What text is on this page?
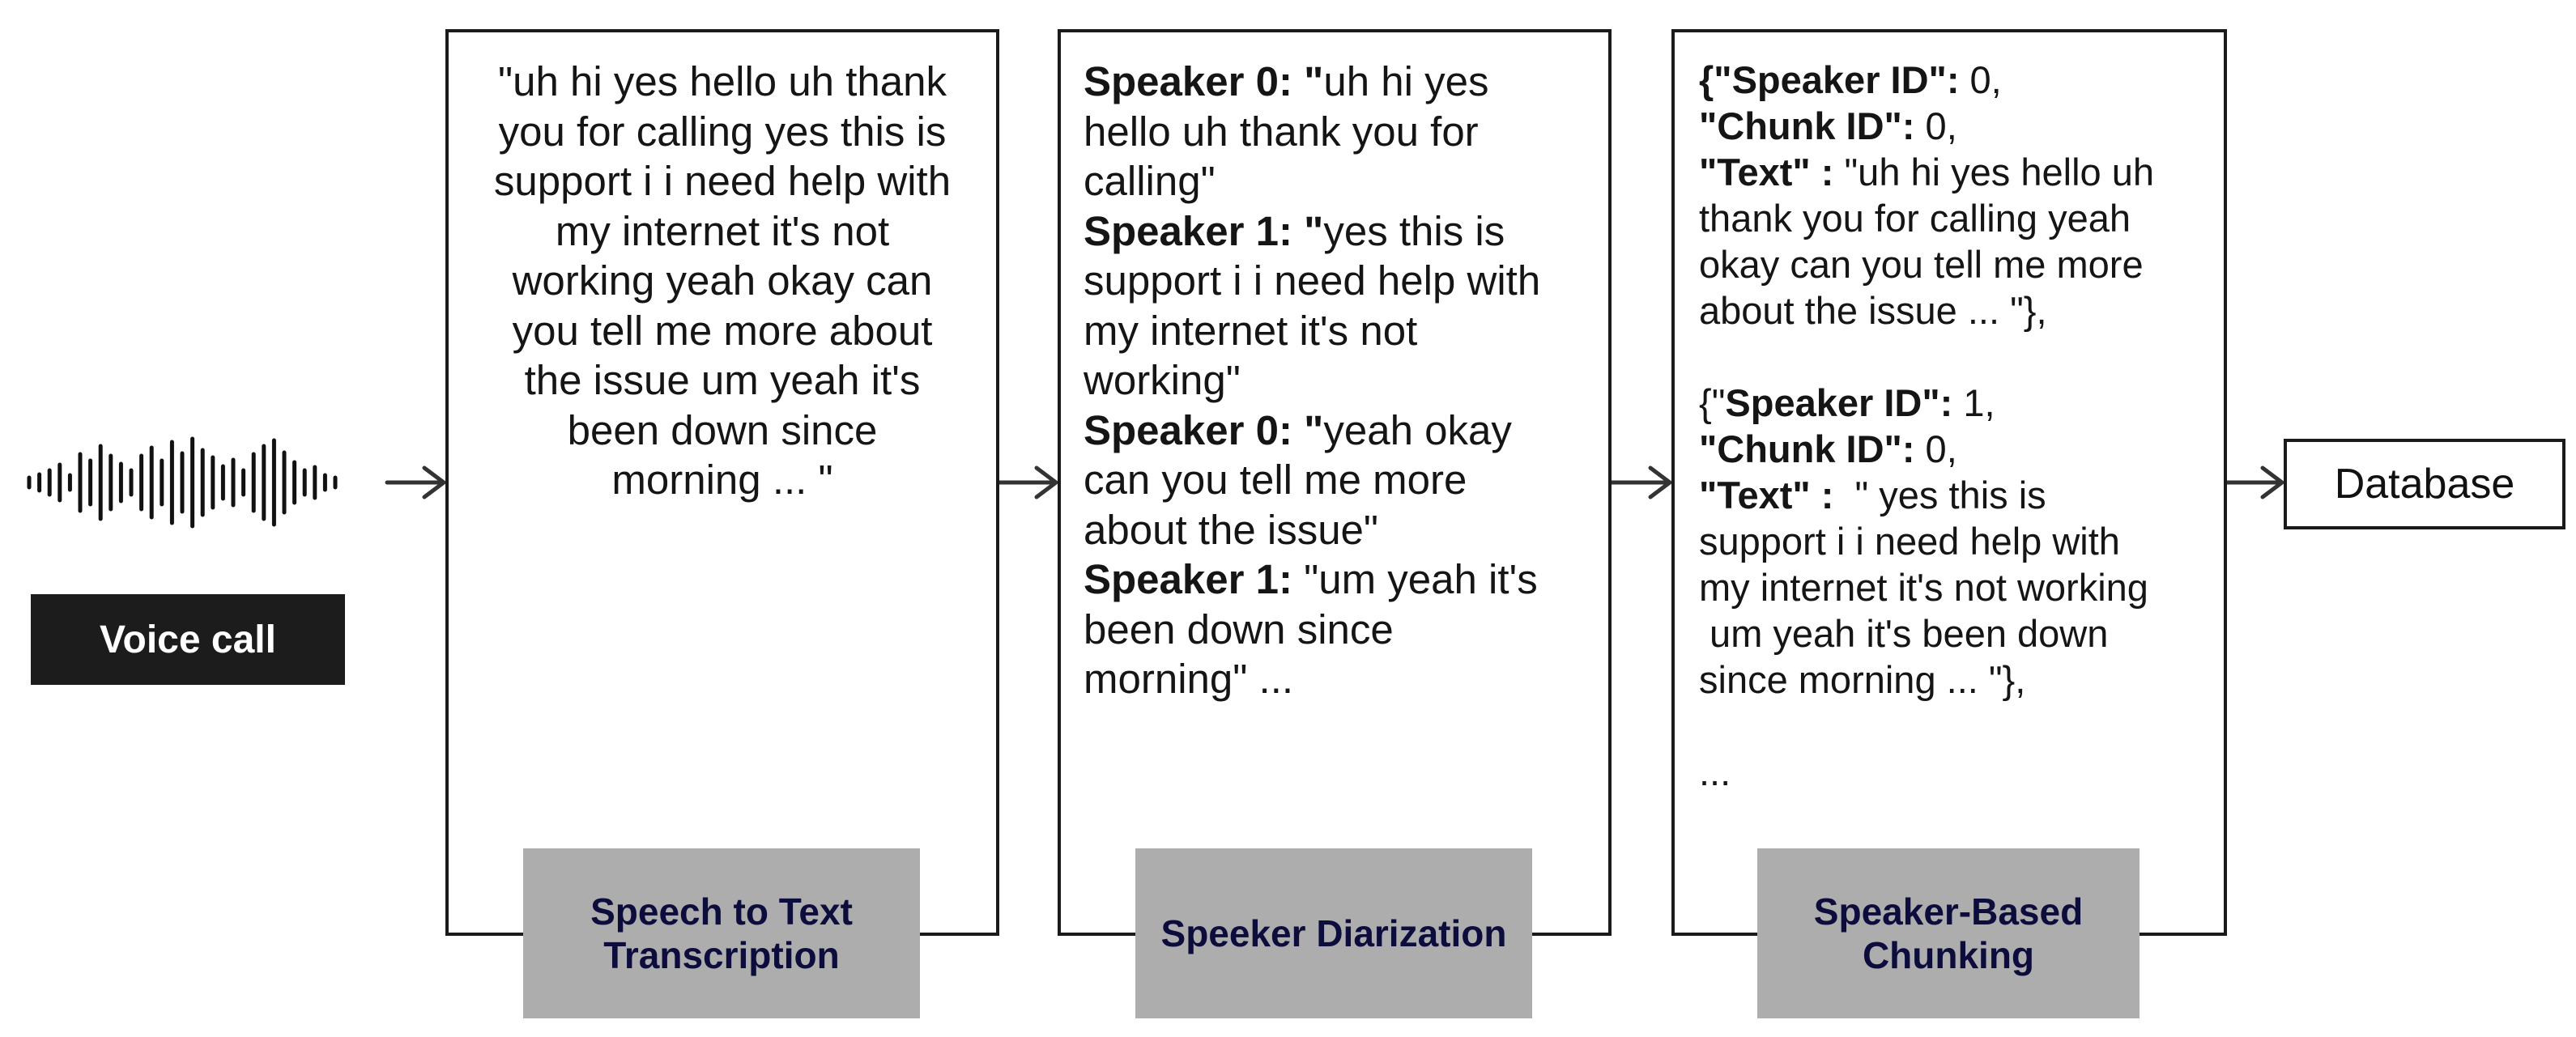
Voice call
"uh hi yes hello uh thank
you for calling yes this is
support i i need help with
my internet it's not
working yeah okay can
you tell me more about
the issue um yeah it's
been down since
morning ... "
Speech to Text Transcription
Speaker 0: "uh hi yes
hello uh thank you for
calling"
Speaker 1: "yes this is
support i i need help with
my internet it's not
working"
Speaker 0: "yeah okay
can you tell me more
about the issue"
Speaker 1: "um yeah it's
been down since
morning" ...
Speeker Diarization
{"Speaker ID": 0,
"Chunk ID": 0,
"Text" : "uh hi yes hello uh
thank you for calling yeah
okay can you tell me more
about the issue ... "},
{"Speaker ID": 1,
"Chunk ID": 0,
"Text" :  " yes this is
support i i need help with
my internet it's not working
um yeah it's been down
since morning ... "},
...
Speaker-Based Chunking
Database
